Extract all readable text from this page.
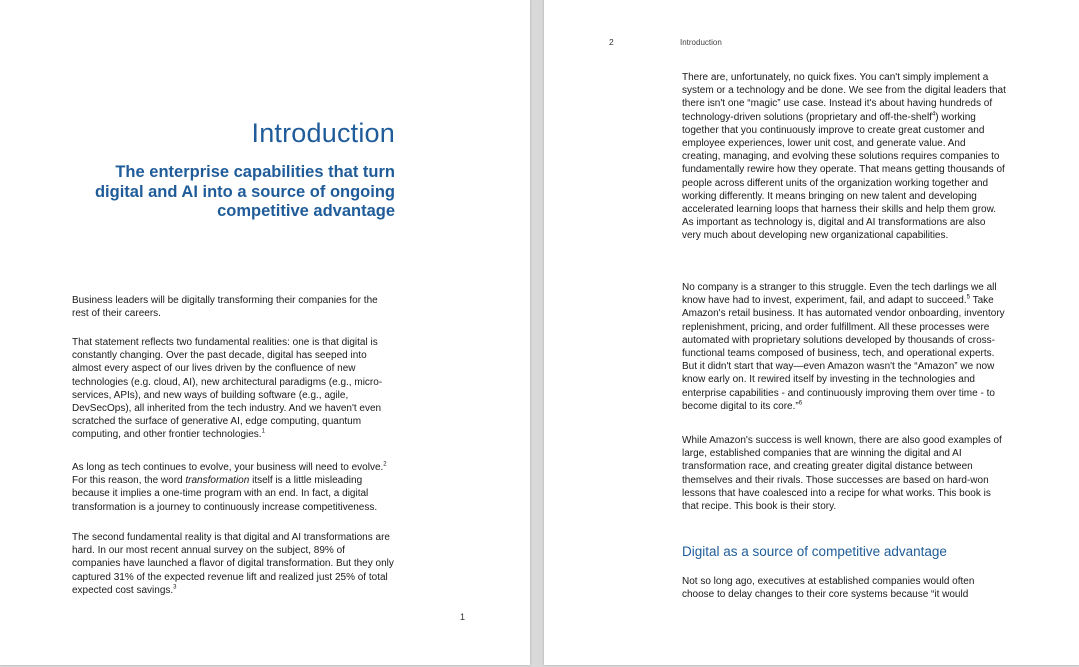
Introduction
The enterprise capabilities that turn digital and AI into a source of ongoing competitive advantage

Business leaders will be digitally transforming their companies for the rest of their careers.

That statement reflects two fundamental realities: one is that digital is constantly changing. Over the past decade, digital has seeped into almost every aspect of our lives driven by the confluence of new technologies (e.g. cloud, AI), new architectural paradigms (e.g., micro-services, APIs), and new ways of building software (e.g., agile, DevSecOps), all inherited from the tech industry. And we haven't even scratched the surface of generative AI, edge computing, quantum computing, and other frontier technologies.$^1$

As long as tech continues to evolve, your business will need to evolve.$^2$ For this reason, the word transformation itself is a little misleading because it implies a one-time program with an end. In fact, a digital transformation is a journey to continuously increase competitiveness.

The second fundamental reality is that digital and AI transformations are hard. In our most recent annual survey on the subject, 89% of companies have launched a flavor of digital transformation. But they only captured 31% of the expected revenue lift and realized just 25% of total expected cost savings.$^3$

1
2	Introduction

There are, unfortunately, no quick fixes. You can't simply implement a system or a technology and be done. We see from the digital leaders that there isn't one “magic” use case. Instead it's about having hundreds of technology-driven solutions (proprietary and off-the-shelf$^4$) working together that you continuously improve to create great customer and employee experiences, lower unit cost, and generate value. And creating, managing, and evolving these solutions requires companies to fundamentally rewire how they operate. That means getting thousands of people across different units of the organization working together and working differently. It means bringing on new talent and developing accelerated learning loops that harness their skills and help them grow. As important as technology is, digital and AI transformations are also very much about developing new organizational capabilities.

No company is a stranger to this struggle. Even the tech darlings we all know have had to invest, experiment, fail, and adapt to succeed.$^5$ Take Amazon's retail business. It has automated vendor onboarding, inventory replenishment, pricing, and order fulfillment. All these processes were automated with proprietary solutions developed by thousands of cross-functional teams composed of business, tech, and operational experts. But it didn't start that way—even Amazon wasn't the “Amazon” we now know early on. It rewired itself by investing in the technologies and enterprise capabilities - and continuously improving them over time - to become digital to its core.”$^6$

While Amazon's success is well known, there are also good examples of large, established companies that are winning the digital and AI transformation race, and creating greater digital distance between themselves and their rivals. Those successes are based on hard-won lessons that have coalesced into a recipe for what works. This book is that recipe. This book is their story.

Digital as a source of competitive advantage

Not so long ago, executives at established companies would often choose to delay changes to their core systems because “it would
